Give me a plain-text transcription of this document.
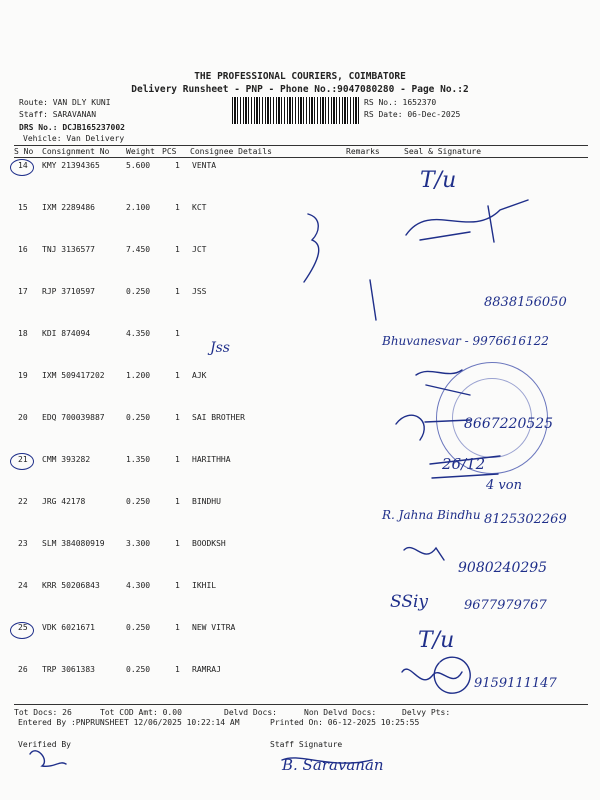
THE PROFESSIONAL COURIERS, COIMBATORE
Delivery Runsheet - PNP - Phone No.:9047080280 - Page No.:2
Route: VAN DLY KUNI
Staff: SARAVANAN
DRS No.: DCJB165237002
Vehicle: Van Delivery
RS No.: 1652370
RS Date: 06-Dec-2025
S No Consignment No Weight PCS Consignee Details	Remarks	Seal & Signature
14 KMY 21394365	5.600	1 VENTA
15 IXM 2289486	2.100	1 KCT
16 TNJ 3136577	7.450	1 JCT
17 RJP 3710597	0.250	1 JSS
18 KDI 874094	4.350	1
19 IXM 509417202	1.200	1 AJK
20 EDQ 700039887	0.250	1 SAI BROTHER
21 CMM 393282	1.350	1 HARITHHA
22 JRG 42178	0.250	1 BINDHU
23 SLM 384080919	3.300	1 BOODKSH
24 KRR 50206843	4.300	1 IKHIL
25 VDK 6021671	0.250	1 NEW VITRA
26 TRP 3061383	0.250	1 RAMRAJ
T/u
8838156050
Jss	Bhuvanesvar - 9976616122
8667220525
26/12
4 von
R. Jahna Bindhu 8125302269
9080240295
SSiy	9677979767
T/u
9159111147
Tot Docs: 26	Tot COD Amt: 0.00	Delvd Docs:	Non Delvd Docs:	Delvy Pts:
Entered By :PNPRUNSHEET 12/06/2025 10:22:14 AM	Printed On: 06-12-2025 10:25:55
Verified By	Staff Signature
B. Saravanan
